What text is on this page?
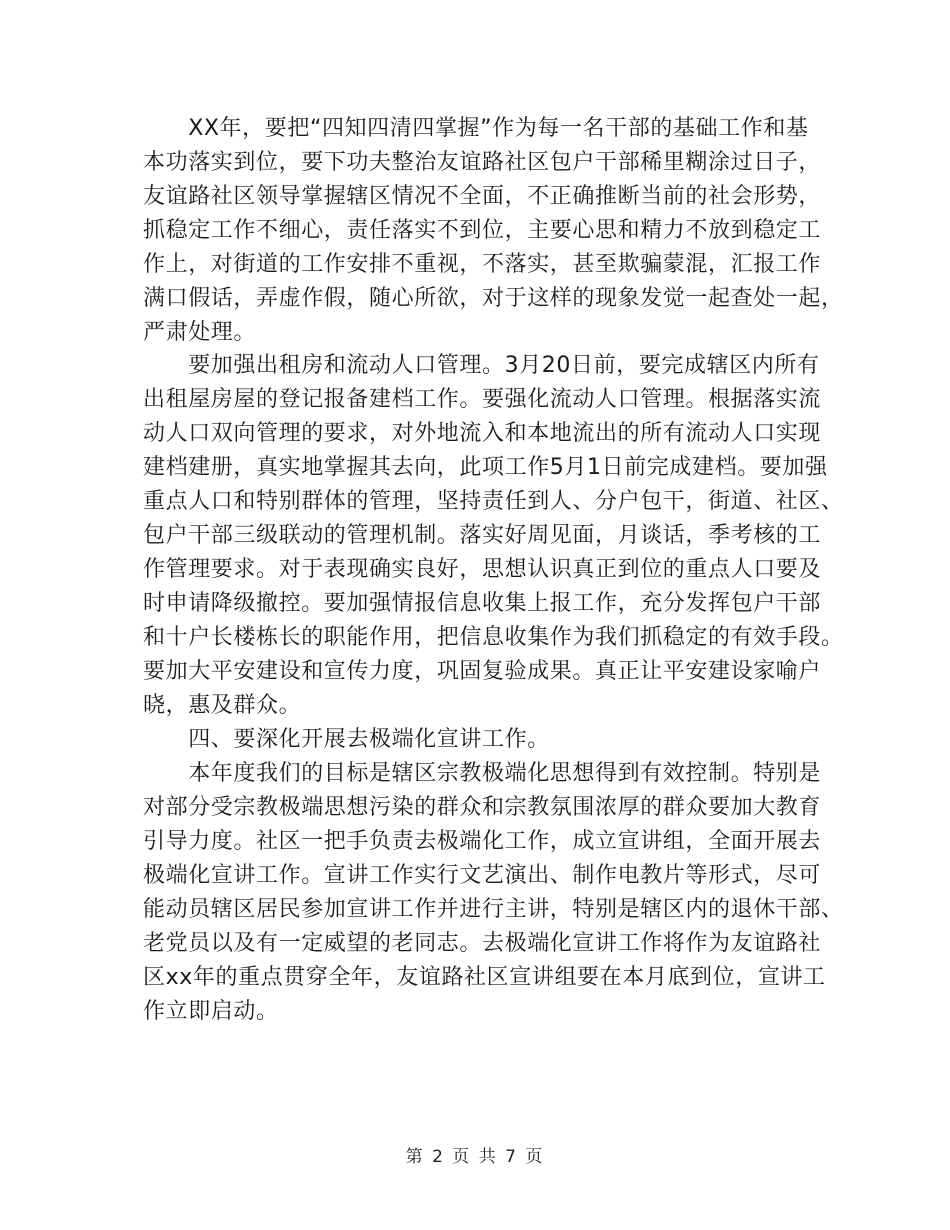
　　XX年，要把“四知四清四掌握”作为每一名干部的基础工作和基
本功落实到位，要下功夫整治友谊路社区包户干部稀里糊涂过日子，
友谊路社区领导掌握辖区情况不全面，不正确推断当前的社会形势，
抓稳定工作不细心，责任落实不到位，主要心思和精力不放到稳定工
作上，对街道的工作安排不重视，不落实，甚至欺骗蒙混，汇报工作
满口假话，弄虚作假，随心所欲，对于这样的现象发觉一起查处一起，
严肃处理。
　　要加强出租房和流动人口管理。3月20日前，要完成辖区内所有
出租屋房屋的登记报备建档工作。要强化流动人口管理。根据落实流
动人口双向管理的要求，对外地流入和本地流出的所有流动人口实现
建档建册，真实地掌握其去向，此项工作5月1日前完成建档。要加强
重点人口和特别群体的管理，坚持责任到人、分户包干，街道、社区、
包户干部三级联动的管理机制。落实好周见面，月谈话，季考核的工
作管理要求。对于表现确实良好，思想认识真正到位的重点人口要及
时申请降级撤控。要加强情报信息收集上报工作，充分发挥包户干部
和十户长楼栋长的职能作用，把信息收集作为我们抓稳定的有效手段。
要加大平安建设和宣传力度，巩固复验成果。真正让平安建设家喻户
晓，惠及群众。
　　四、要深化开展去极端化宣讲工作。
　　本年度我们的目标是辖区宗教极端化思想得到有效控制。特别是
对部分受宗教极端思想污染的群众和宗教氛围浓厚的群众要加大教育
引导力度。社区一把手负责去极端化工作，成立宣讲组，全面开展去
极端化宣讲工作。宣讲工作实行文艺演出、制作电教片等形式，尽可
能动员辖区居民参加宣讲工作并进行主讲，特别是辖区内的退休干部、
老党员以及有一定威望的老同志。去极端化宣讲工作将作为友谊路社
区xx年的重点贯穿全年，友谊路社区宣讲组要在本月底到位，宣讲工
作立即启动。
第 2 页 共 7 页
